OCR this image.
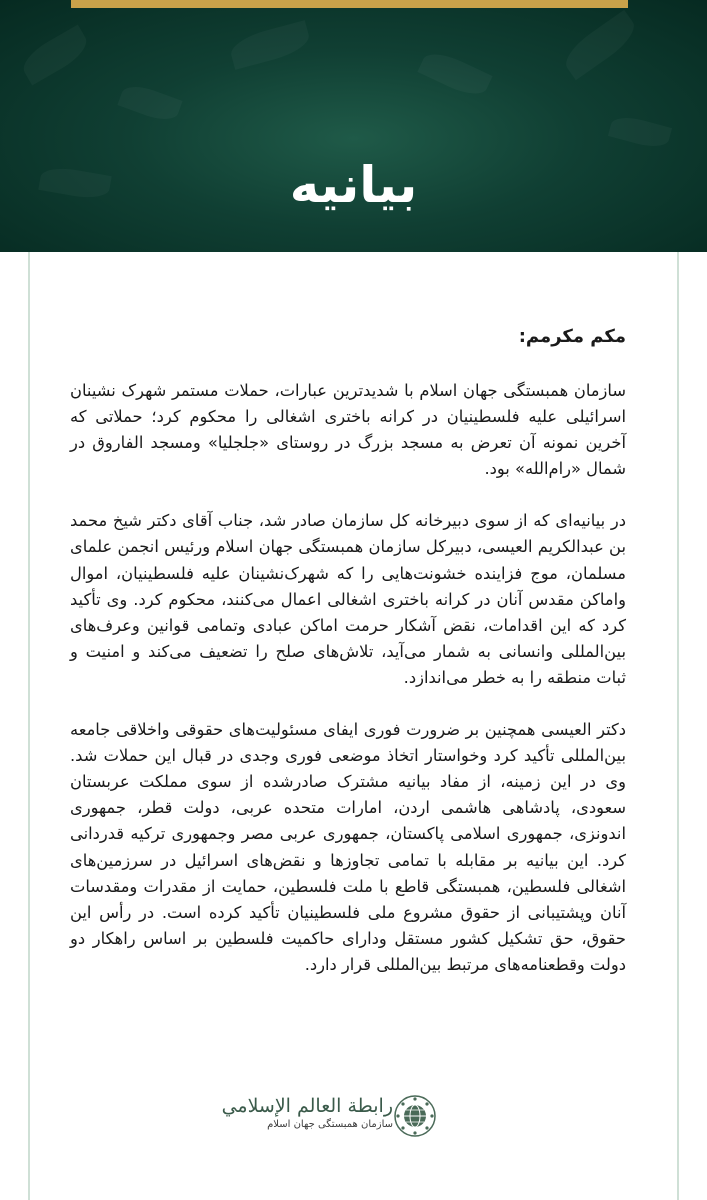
بیانیه
مکم مکرمم:

سازمان همبستگی جهان اسلام با شدیدترین عبارات، حملات مستمر شهرک نشینان اسرائیلی علیه فلسطینیان در کرانه باختری اشغالی را محکوم کرد؛ حملاتی که آخرین نمونه آن تعرض به مسجد بزرگ در روستای «جلجلیا» ومسجد الفاروق در شمال «رام‌الله» بود.

در بیانیه‌ای که از سوی دبیرخانه کل سازمان صادر شد، جناب آقای دکتر شیخ محمد بن عبدالکریم العیسی، دبیرکل سازمان همبستگی جهان اسلام ورئیس انجمن علمای مسلمان، موج فزاینده خشونت‌هایی را که شهرک‌نشینان علیه فلسطینیان، اموال واماکن مقدس آنان در کرانه باختری اشغالی اعمال می‌کنند، محکوم کرد. وی تأکید کرد که این اقدامات، نقض آشکار حرمت اماکن عبادی وتمامی قوانین وعرف‌های بین‌المللی وانسانی به شمار می‌آید، تلاش‌های صلح را تضعیف می‌کند و امنیت و ثبات منطقه را به خطر می‌اندازد.

دکتر العیسی همچنین بر ضرورت فوری ایفای مسئولیت‌های حقوقی واخلاقی جامعه بین‌المللی تأکید کرد وخواستار اتخاذ موضعی فوری وجدی در قبال این حملات شد. وی در این زمینه، از مفاد بیانیه مشترک صادرشده از سوی مملکت عربستان سعودی، پادشاهی هاشمی اردن، امارات متحده عربی، دولت قطر، جمهوری اندونزی، جمهوری اسلامی پاکستان، جمهوری عربی مصر وجمهوری ترکیه قدردانی کرد. این بیانیه بر مقابله با تمامی تجاوزها و نقض‌های اسرائیل در سرزمین‌های اشغالی فلسطین، همبستگی قاطع با ملت فلسطین، حمایت از مقدرات ومقدسات آنان وپشتیبانی از حقوق مشروع ملی فلسطینیان تأکید کرده است. در رأس این حقوق، حق تشکیل کشور مستقل ودارای حاکمیت فلسطین بر اساس راهکار دو دولت وقطعنامه‌های مرتبط بین‌المللی قرار دارد.

رابطة العالم الإسلامي
سازمان همبستگی جهان اسلام
